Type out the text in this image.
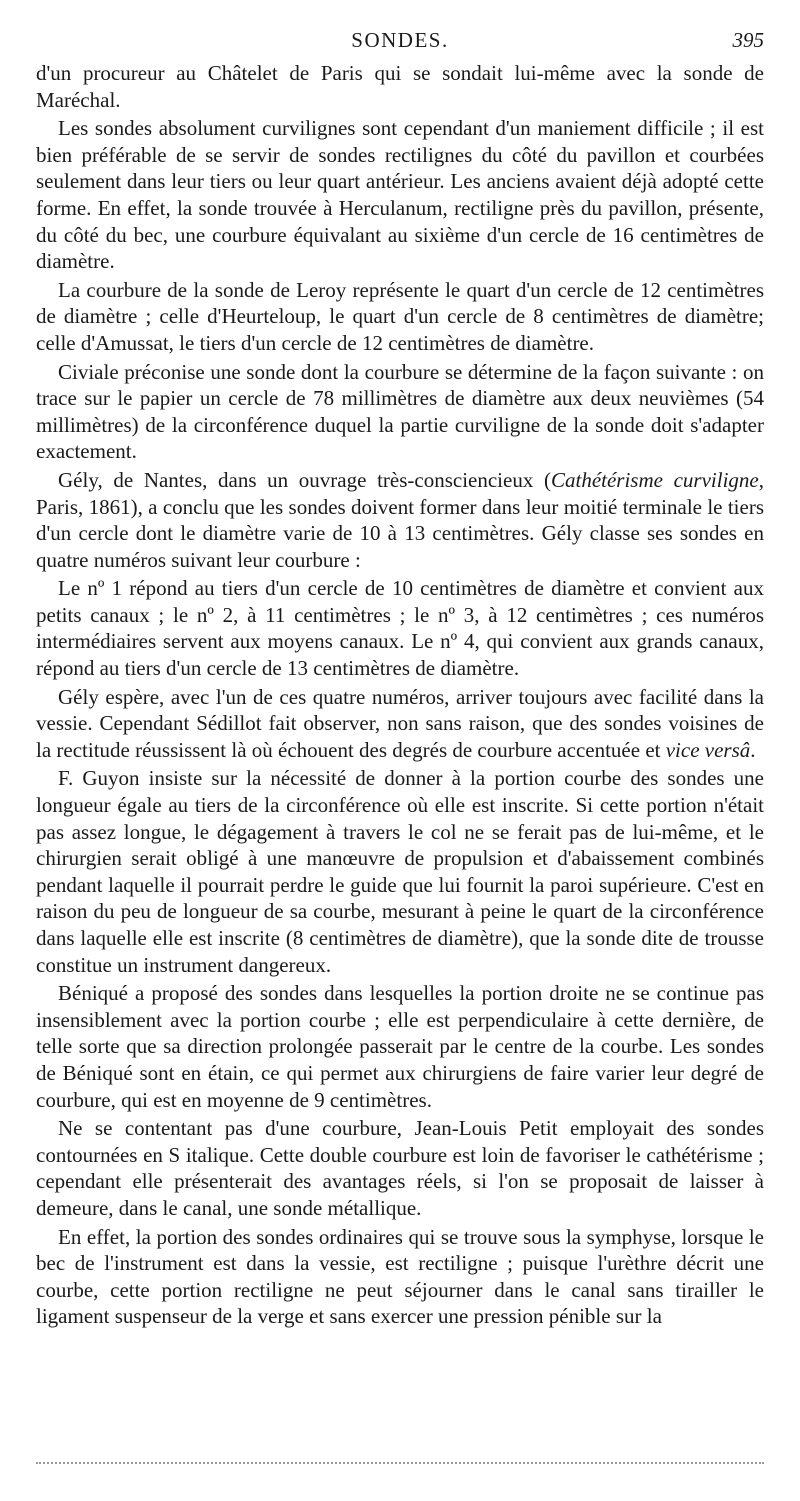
SONDES.	395

d'un procureur au Châtelet de Paris qui se sondait lui-même avec la sonde de Maréchal.

Les sondes absolument curvilignes sont cependant d'un maniement difficile ; il est bien préférable de se servir de sondes rectilignes du côté du pavillon et courbées seulement dans leur tiers ou leur quart antérieur. Les anciens avaient déjà adopté cette forme. En effet, la sonde trouvée à Herculanum, rectiligne près du pavillon, présente, du côté du bec, une courbure équivalant au sixième d'un cercle de 16 centimètres de diamètre.

La courbure de la sonde de Leroy représente le quart d'un cercle de 12 centimètres de diamètre ; celle d'Heurteloup, le quart d'un cercle de 8 centimètres de diamètre; celle d'Amussat, le tiers d'un cercle de 12 centimètres de diamètre.

Civiale préconise une sonde dont la courbure se détermine de la façon suivante : on trace sur le papier un cercle de 78 millimètres de diamètre aux deux neuvièmes (54 millimètres) de la circonférence duquel la partie curviligne de la sonde doit s'adapter exactement.

Gély, de Nantes, dans un ouvrage très-consciencieux (Cathétérisme curviligne, Paris, 1861), a conclu que les sondes doivent former dans leur moitié terminale le tiers d'un cercle dont le diamètre varie de 10 à 13 centimètres. Gély classe ses sondes en quatre numéros suivant leur courbure :

Le nº 1 répond au tiers d'un cercle de 10 centimètres de diamètre et convient aux petits canaux ; le nº 2, à 11 centimètres ; le nº 3, à 12 centimètres ; ces numéros intermédiaires servent aux moyens canaux. Le nº 4, qui convient aux grands canaux, répond au tiers d'un cercle de 13 centimètres de diamètre.

Gély espère, avec l'un de ces quatre numéros, arriver toujours avec facilité dans la vessie. Cependant Sédillot fait observer, non sans raison, que des sondes voisines de la rectitude réussissent là où échouent des degrés de courbure accentuée et vice versâ.

F. Guyon insiste sur la nécessité de donner à la portion courbe des sondes une longueur égale au tiers de la circonférence où elle est inscrite. Si cette portion n'était pas assez longue, le dégagement à travers le col ne se ferait pas de lui-même, et le chirurgien serait obligé à une manœuvre de propulsion et d'abaissement combinés pendant laquelle il pourrait perdre le guide que lui fournit la paroi supérieure. C'est en raison du peu de longueur de sa courbe, mesurant à peine le quart de la circonférence dans laquelle elle est inscrite (8 centimètres de diamètre), que la sonde dite de trousse constitue un instrument dangereux.

Béniqué a proposé des sondes dans lesquelles la portion droite ne se continue pas insensiblement avec la portion courbe ; elle est perpendiculaire à cette dernière, de telle sorte que sa direction prolongée passerait par le centre de la courbe. Les sondes de Béniqué sont en étain, ce qui permet aux chirurgiens de faire varier leur degré de courbure, qui est en moyenne de 9 centimètres.

Ne se contentant pas d'une courbure, Jean-Louis Petit employait des sondes contournées en S italique. Cette double courbure est loin de favoriser le cathétérisme ; cependant elle présenterait des avantages réels, si l'on se proposait de laisser à demeure, dans le canal, une sonde métallique.

En effet, la portion des sondes ordinaires qui se trouve sous la symphyse, lorsque le bec de l'instrument est dans la vessie, est rectiligne ; puisque l'urèthre décrit une courbe, cette portion rectiligne ne peut séjourner dans le canal sans tirailler le ligament suspenseur de la verge et sans exercer une pression pénible sur la
